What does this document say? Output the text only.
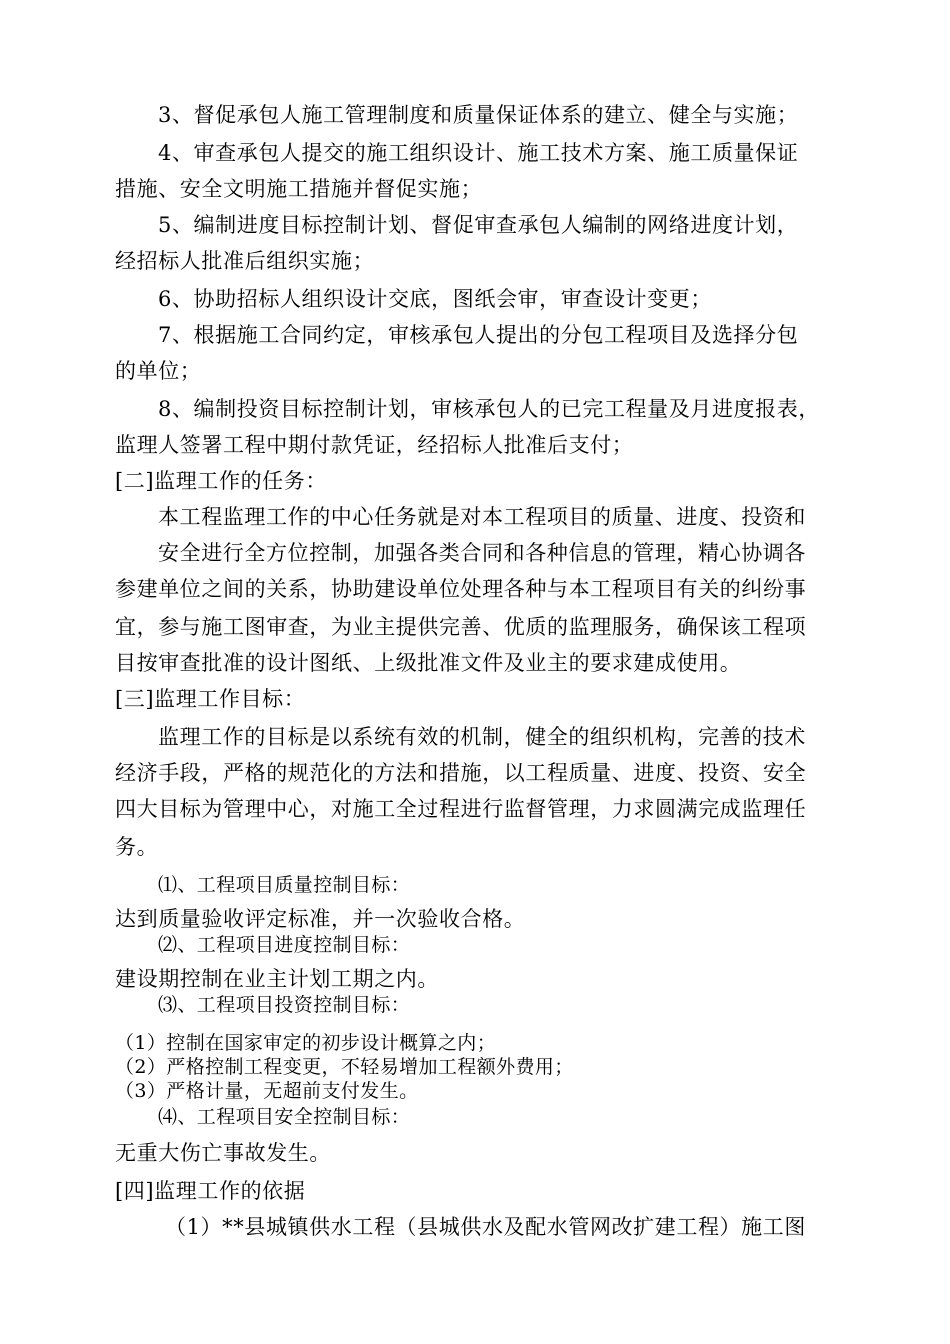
3、督促承包人施工管理制度和质量保证体系的建立、健全与实施；

4、审查承包人提交的施工组织设计、施工技术方案、施工质量保证

措施、安全文明施工措施并督促实施；

5、编制进度目标控制计划、督促审查承包人编制的网络进度计划，

经招标人批准后组织实施；

6、协助招标人组织设计交底，图纸会审，审查设计变更；

7、根据施工合同约定，审核承包人提出的分包工程项目及选择分包

的单位；

8、编制投资目标控制计划，审核承包人的已完工程量及月进度报表，

监理人签署工程中期付款凭证，经招标人批准后支付；

[二]监理工作的任务：

本工程监理工作的中心任务就是对本工程项目的质量、进度、投资和

安全进行全方位控制，加强各类合同和各种信息的管理，精心协调各

参建单位之间的关系，协助建设单位处理各种与本工程项目有关的纠纷事

宜，参与施工图审查，为业主提供完善、优质的监理服务，确保该工程项

目按审查批准的设计图纸、上级批准文件及业主的要求建成使用。

[三]监理工作目标：

监理工作的目标是以系统有效的机制，健全的组织机构，完善的技术

经济手段，严格的规范化的方法和措施，以工程质量、进度、投资、安全

四大目标为管理中心，对施工全过程进行监督管理，力求圆满完成监理任

务。

⑴、工程项目质量控制目标：

达到质量验收评定标准，并一次验收合格。

⑵、工程项目进度控制目标：

建设期控制在业主计划工期之内。

⑶、工程项目投资控制目标：

（1）控制在国家审定的初步设计概算之内；

（2）严格控制工程变更，不轻易增加工程额外费用；

（3）严格计量，无超前支付发生。

⑷、工程项目安全控制目标：

无重大伤亡事故发生。

[四]监理工作的依据

（1）**县城镇供水工程（县城供水及配水管网改扩建工程）施工图
